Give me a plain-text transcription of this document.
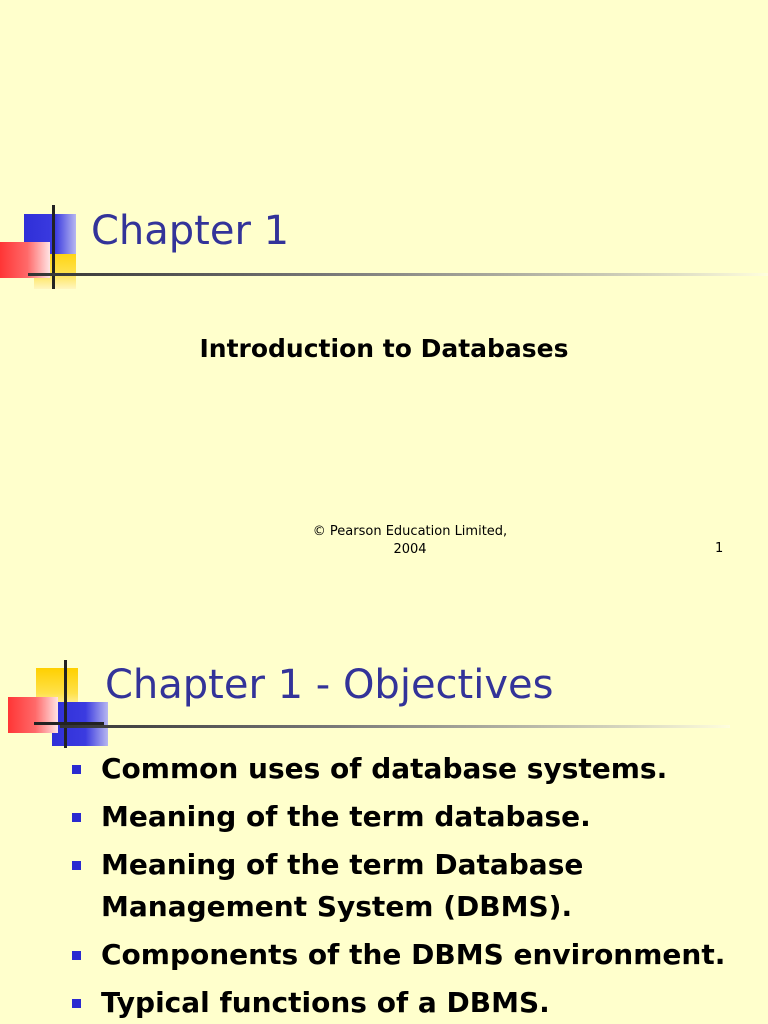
Chapter 1
Introduction to Databases
© Pearson Education Limited,
2004	1
Chapter 1 - Objectives
Common uses of database systems.
Meaning of the term database.
Meaning of the term Database Management System (DBMS).
Components of the DBMS environment.
Typical functions of a DBMS.
